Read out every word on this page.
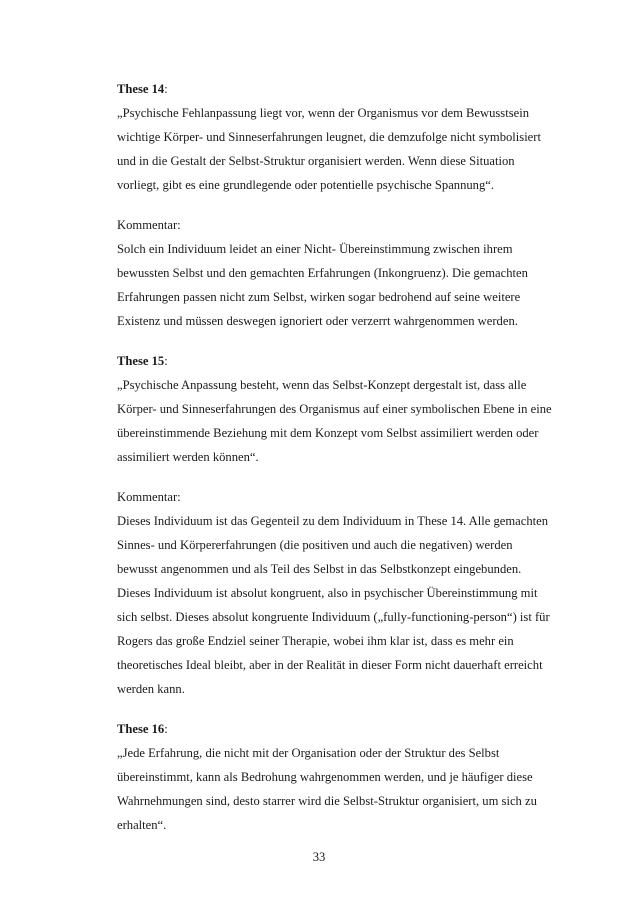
These 14:
„Psychische Fehlanpassung liegt vor, wenn der Organismus vor dem Bewusstsein
wichtige Körper- und Sinneserfahrungen leugnet, die demzufolge nicht symbolisiert
und in die Gestalt der Selbst-Struktur organisiert werden. Wenn diese Situation
vorliegt, gibt es eine grundlegende oder potentielle psychische Spannung“.
Kommentar:
Solch ein Individuum leidet an einer Nicht- Übereinstimmung zwischen ihrem
bewussten Selbst und den gemachten Erfahrungen (Inkongruenz). Die gemachten
Erfahrungen passen nicht zum Selbst, wirken sogar bedrohend auf seine weitere
Existenz und müssen deswegen ignoriert oder verzerrt wahrgenommen werden.
These 15:
„Psychische Anpassung besteht, wenn das Selbst-Konzept dergestalt ist, dass alle
Körper- und Sinneserfahrungen des Organismus auf einer symbolischen Ebene in eine
übereinstimmende Beziehung mit dem Konzept vom Selbst assimiliert werden oder
assimiliert werden können“.
Kommentar:
Dieses Individuum ist das Gegenteil zu dem Individuum in These 14. Alle gemachten
Sinnes- und Körpererfahrungen (die positiven und auch die negativen) werden
bewusst angenommen und als Teil des Selbst in das Selbstkonzept eingebunden.
Dieses Individuum ist absolut kongruent, also in psychischer Übereinstimmung mit
sich selbst. Dieses absolut kongruente Individuum („fully-functioning-person“) ist für
Rogers das große Endziel seiner Therapie, wobei ihm klar ist, dass es mehr ein
theoretisches Ideal bleibt, aber in der Realität in dieser Form nicht dauerhaft erreicht
werden kann.
These 16:
„Jede Erfahrung, die nicht mit der Organisation oder der Struktur des Selbst
übereinstimmt, kann als Bedrohung wahrgenommen werden, und je häufiger diese
Wahrnehmungen sind, desto starrer wird die Selbst-Struktur organisiert, um sich zu
erhalten“.
33
